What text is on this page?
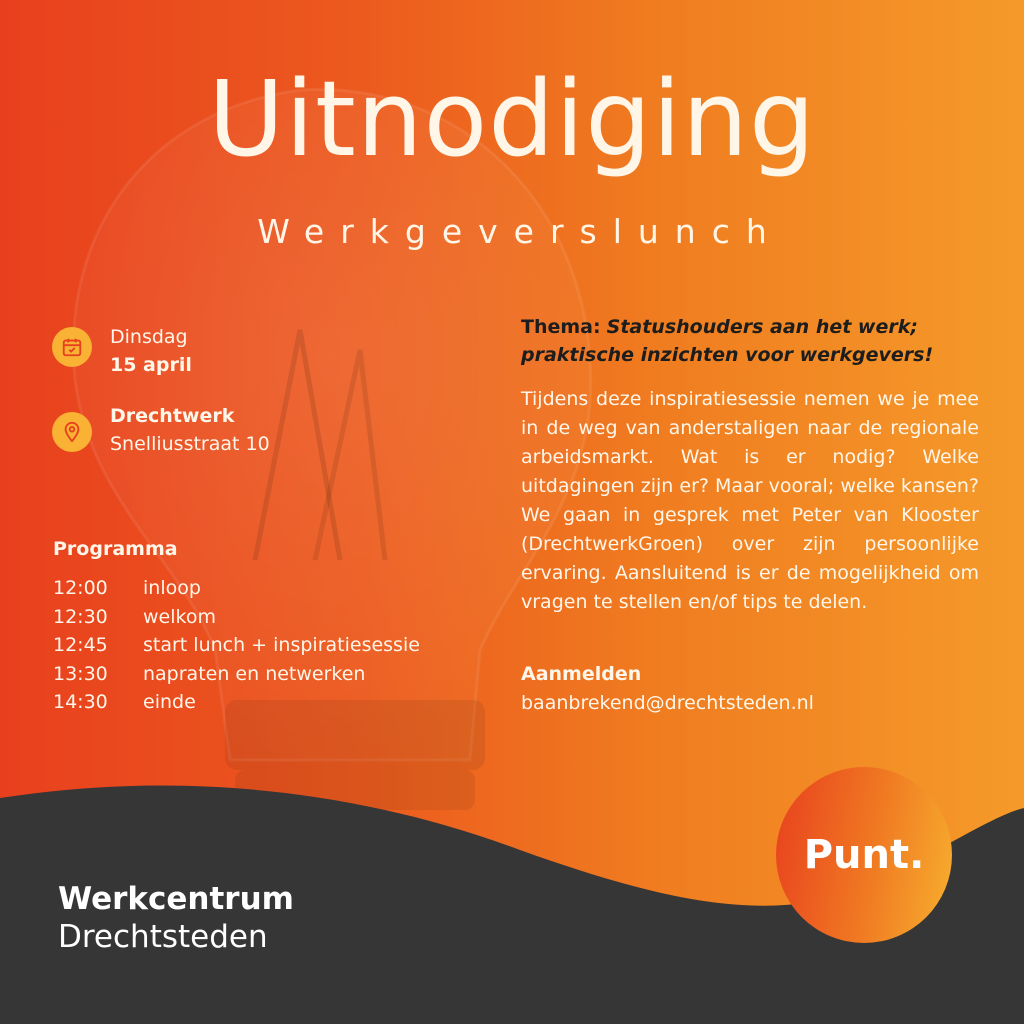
Uitnodiging
Werkgeverslunch
Dinsdag
15 april
Drechtwerk
Snelliusstraat 10
Programma
12:00	inloop
12:30	welkom
12:45	start lunch + inspiratiesessie
13:30	napraten en netwerken
14:30	einde
Thema: Statushouders aan het werk;
praktische inzichten voor werkgevers!
Tijdens deze inspiratiesessie nemen we je mee in de weg van anderstaligen naar de regionale arbeidsmarkt. Wat is er nodig? Welke uitdagingen zijn er? Maar vooral; welke kansen? We gaan in gesprek met Peter van Klooster (DrechtwerkGroen) over zijn persoonlijke ervaring. Aansluitend is er de mogelijkheid om vragen te stellen en/of tips te delen.
Aanmelden
baanbrekend@drechtsteden.nl
Werkcentrum
Drechtsteden
Punt.
